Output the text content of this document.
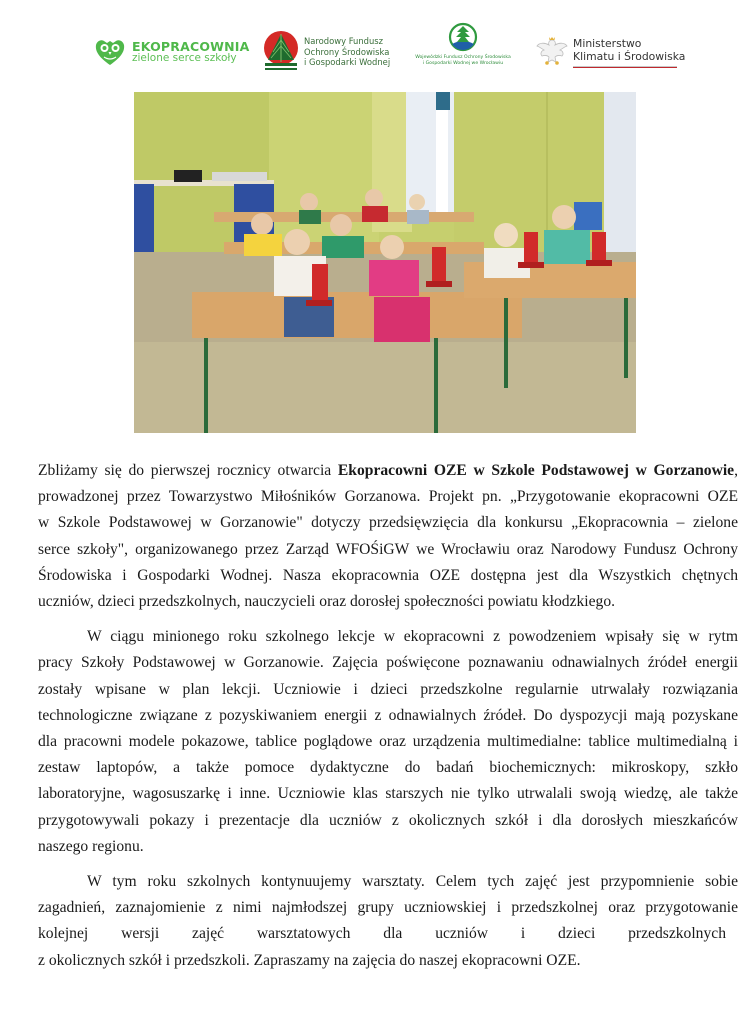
EKOPRACOWNIA
zielone serce szkoły
Narodowy Fundusz
Ochrony Środowiska
i Gospodarki Wodnej	Wojewódzki Fundusz Ochrony Środowiska
i Gospodarki Wodnej we Wrocławiu
Ministerstwo
Klimatu i Środowiska
Zbliżamy się do pierwszej rocznicy otwarcia Ekopracowni OZE w Szkole Podstawowej w Gorzanowie,
prowadzonej przez Towarzystwo Miłośników Gorzanowa. Projekt pn. „Przygotowanie ekopracowni OZE
w Szkole Podstawowej w Gorzanowie" dotyczy przedsięwzięcia dla konkursu „Ekopracownia – zielone
serce szkoły", organizowanego przez Zarząd WFOŚiGW we Wrocławiu oraz Narodowy Fundusz Ochrony
Środowiska i Gospodarki Wodnej. Nasza ekopracownia OZE dostępna jest dla Wszystkich chętnych
uczniów, dzieci przedszkolnych, nauczycieli oraz dorosłej społeczności powiatu kłodzkiego.
W ciągu minionego roku szkolnego lekcje w ekopracowni z powodzeniem wpisały się w rytm
pracy Szkoły Podstawowej w Gorzanowie. Zajęcia poświęcone poznawaniu odnawialnych źródeł energii
zostały wpisane w plan lekcji. Uczniowie i dzieci przedszkolne regularnie utrwalały rozwiązania
technologiczne związane z pozyskiwaniem energii z odnawialnych źródeł. Do dyspozycji mają pozyskane
dla pracowni modele pokazowe, tablice poglądowe oraz urządzenia multimedialne: tablice multimedialną i
zestaw laptopów, a także pomoce dydaktyczne do badań biochemicznych: mikroskopy, szkło
laboratoryjne, wagosuszarkę i inne. Uczniowie klas starszych nie tylko utrwalali swoją wiedzę, ale także
przygotowywali pokazy i prezentacje dla uczniów z okolicznych szkół i dla dorosłych mieszkańców
naszego regionu.
W tym roku szkolnych kontynuujemy warsztaty. Celem tych zajęć jest przypomnienie sobie
zagadnień, zaznajomienie z nimi najmłodszej grupy uczniowskiej i przedszkolnej oraz przygotowanie
kolejnej wersji zajęć warsztatowych dla uczniów i dzieci przedszkolnych
z okolicznych szkół i przedszkoli. Zapraszamy na zajęcia do naszej ekopracowni OZE.
